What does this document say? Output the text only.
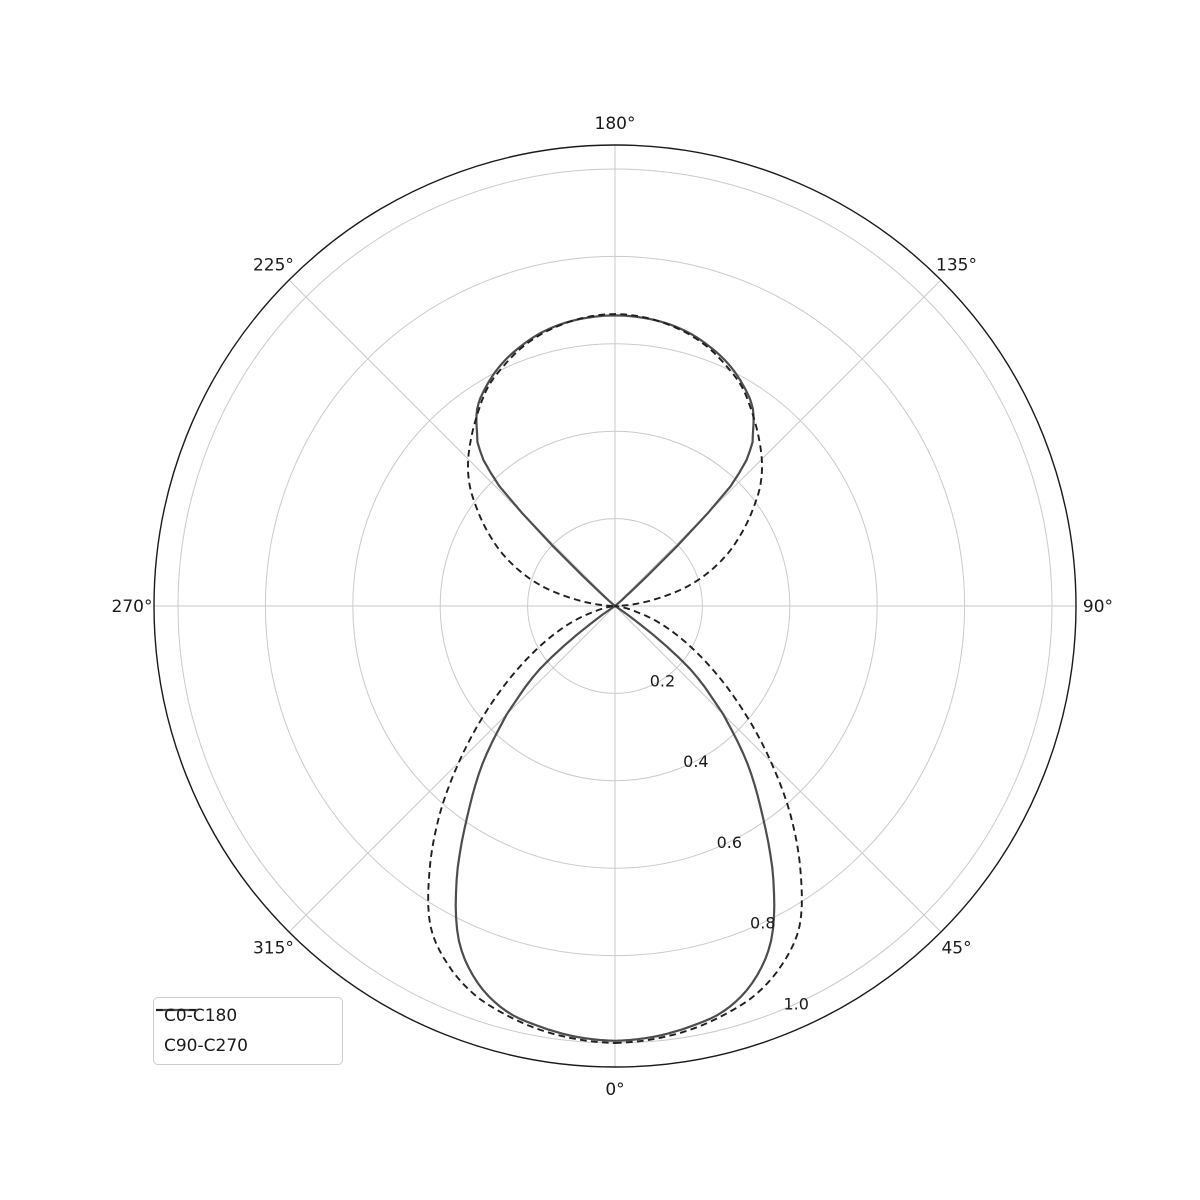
0°
45°
90°
135°
180°
225°
270°
315°
0.2
0.4
0.6
0.8
1.0
C0-C180
C90-C270
